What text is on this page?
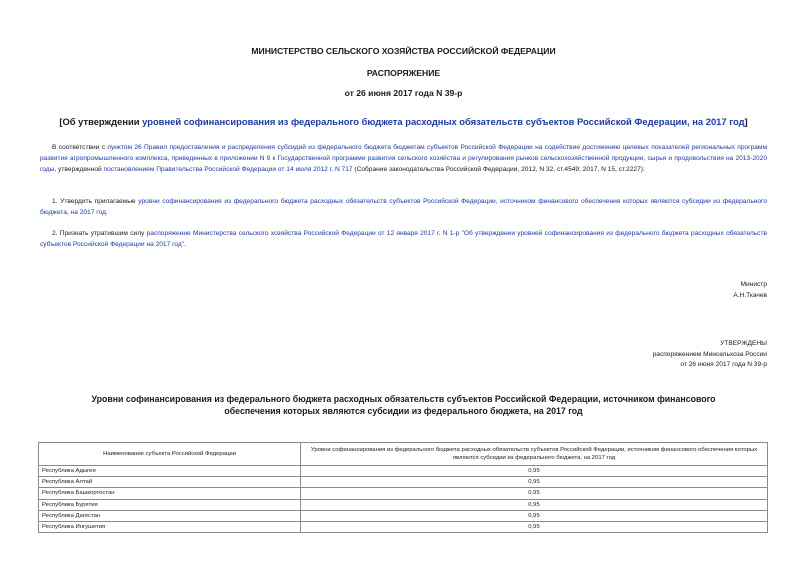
МИНИСТЕРСТВО СЕЛЬСКОГО ХОЗЯЙСТВА РОССИЙСКОЙ ФЕДЕРАЦИИ
РАСПОРЯЖЕНИЕ
от 26 июня 2017 года N 39-р
[Об утверждении уровней софинансирования из федерального бюджета расходных обязательств субъектов Российской Федерации, на 2017 год]
В соответствии с пунктом 26 Правил предоставления и распределения субсидий из федерального бюджета бюджетам субъектов Российской Федерации на содействие достижению целевых показателей региональных программ развития агропромышленного комплекса, приведенных в приложении N 9 к Государственной программе развития сельского хозяйства и регулирования рынков сельскохозяйственной продукции, сырья и продовольствия на 2013-2020 годы, утвержденной постановлением Правительства Российской Федерации от 14 июля 2012 г. N 717 (Собрание законодательства Российской Федерации, 2012, N 32, ст.4549; 2017, N 15, ст.2227):
1. Утвердить прилагаемые уровни софинансирования из федерального бюджета расходных обязательств субъектов Российской Федерации, источником финансового обеспечения которых являются субсидии из федерального бюджета, на 2017 год.
2. Признать утратившим силу распоряжение Министерства сельского хозяйства Российской Федерации от 12 января 2017 г. N 1-р "Об утверждении уровней софинансирования из федерального бюджета расходных обязательств субъектов Российской Федерации на 2017 год".
Министр
А.Н.Ткачев
УТВЕРЖДЕНЫ
распоряжением Минсельхоза России
от 26 июня 2017 года N 39-р
Уровни софинансирования из федерального бюджета расходных обязательств субъектов Российской Федерации, источником финансового обеспечения которых являются субсидии из федерального бюджета, на 2017 год
Наименование субъекта Российской Федерации	Уровни софинансирования из федерального бюджета расходных обязательств субъектов Российской Федерации, источником финансового обеспечения которых являются субсидии из федерального бюджета, на 2017 год
Республика Адыгея	0,95
Республика Алтай	0,95
Республика Башкортостан	0,95
Республика Бурятия	0,95
Республика Дагестан	0,95
Республика Ингушетия	0,95
